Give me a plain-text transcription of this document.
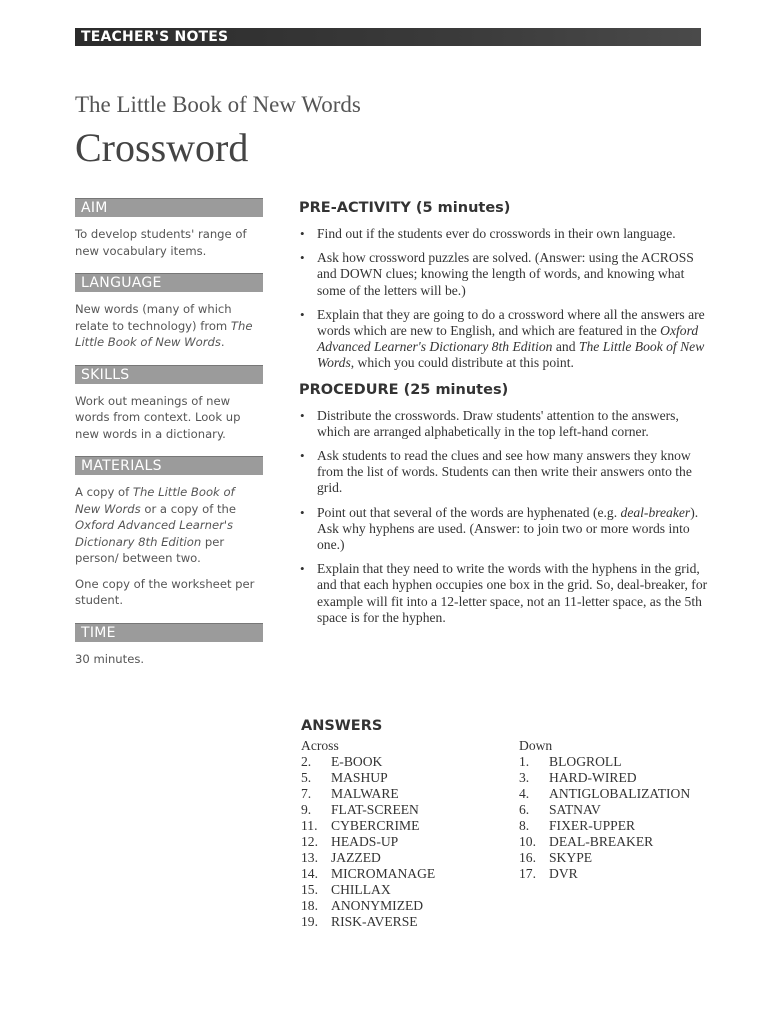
TEACHER'S NOTES
The Little Book of New Words
Crossword
AIM
To develop students' range of new vocabulary items.
LANGUAGE
New words (many of which relate to technology) from The Little Book of New Words.
SKILLS
Work out meanings of new words from context. Look up new words in a dictionary.
MATERIALS
A copy of The Little Book of New Words or a copy of the Oxford Advanced Learner's Dictionary 8th Edition per person/ between two.
One copy of the worksheet per student.
TIME
30 minutes.
PRE-ACTIVITY (5 minutes)
• Find out if the students ever do crosswords in their own language.
• Ask how crossword puzzles are solved. (Answer: using the ACROSS and DOWN clues; knowing the length of words, and knowing what some of the letters will be.)
• Explain that they are going to do a crossword where all the answers are words which are new to English, and which are featured in the Oxford Advanced Learner's Dictionary 8th Edition and The Little Book of New Words, which you could distribute at this point.
PROCEDURE (25 minutes)
• Distribute the crosswords. Draw students' attention to the answers, which are arranged alphabetically in the top left-hand corner.
• Ask students to read the clues and see how many answers they know from the list of words. Students can then write their answers onto the grid.
• Point out that several of the words are hyphenated (e.g. deal-breaker). Ask why hyphens are used. (Answer: to join two or more words into one.)
• Explain that they need to write the words with the hyphens in the grid, and that each hyphen occupies one box in the grid. So, deal-breaker, for example will fit into a 12-letter space, not an 11-letter space, as the 5th space is for the hyphen.
ANSWERS
Across
2.	E-BOOK
5.	MASHUP
7.	MALWARE
9.	FLAT-SCREEN
11. CYBERCRIME
12. HEADS-UP
13. JAZZED
14. MICROMANAGE
15. CHILLAX
18. ANONYMIZED
19. RISK-AVERSE
Down
1.	BLOGROLL
3.	HARD-WIRED
4.	ANTIGLOBALIZATION
6.	SATNAV
8.	FIXER-UPPER
10. DEAL-BREAKER
16. SKYPE
17. DVR
